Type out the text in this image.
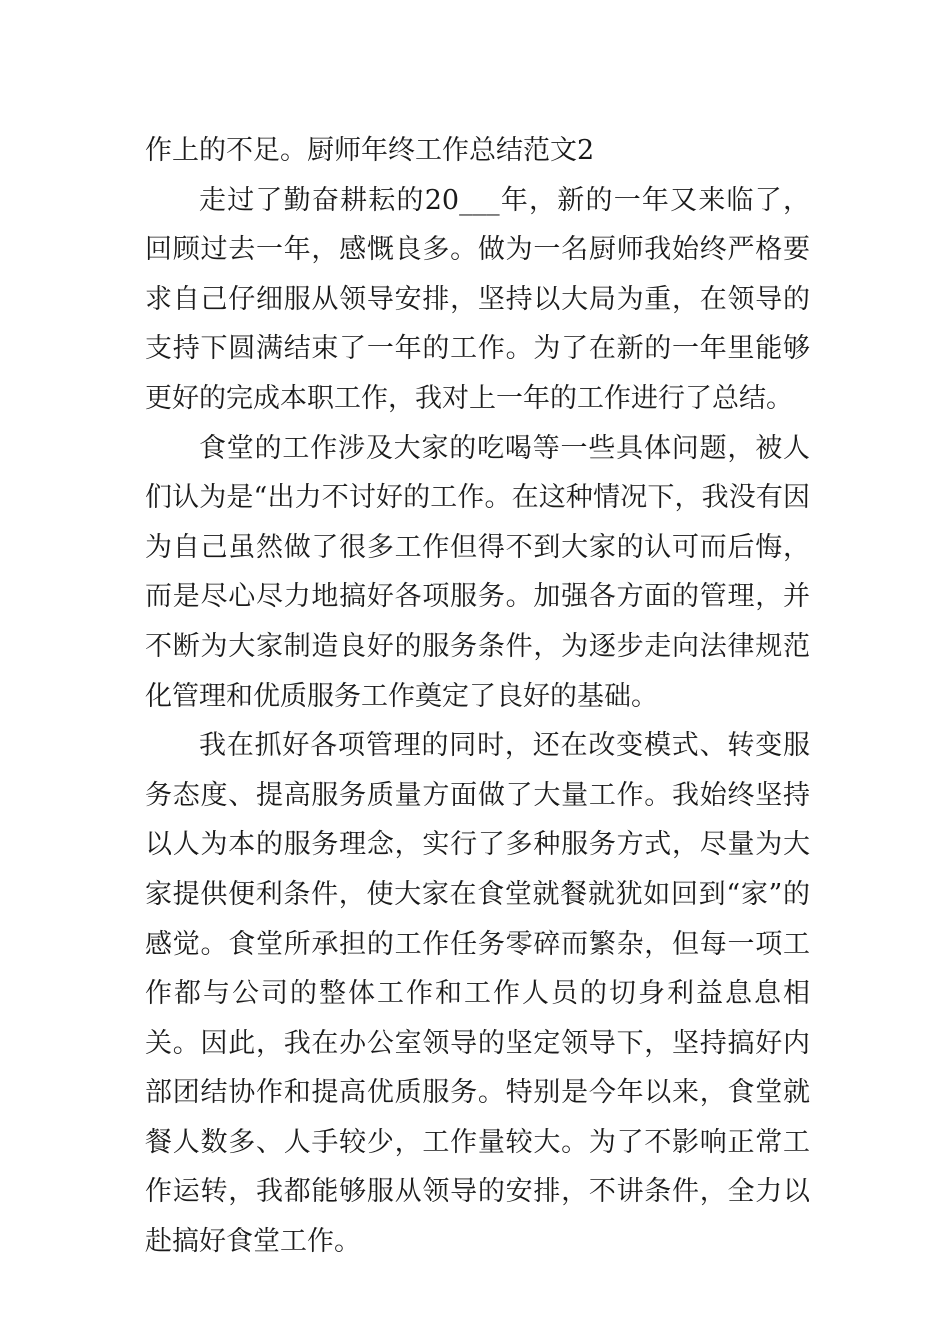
作上的不足。厨师年终工作总结范文2

走过了勤奋耕耘的20___年，新的一年又来临了，回顾过去一年，感慨良多。做为一名厨师我始终严格要求自己仔细服从领导安排，坚持以大局为重，在领导的支持下圆满结束了一年的工作。为了在新的一年里能够更好的完成本职工作，我对上一年的工作进行了总结。

食堂的工作涉及大家的吃喝等一些具体问题，被人们认为是“出力不讨好的工作。在这种情况下，我没有因为自己虽然做了很多工作但得不到大家的认可而后悔，而是尽心尽力地搞好各项服务。加强各方面的管理，并不断为大家制造良好的服务条件，为逐步走向法律规范化管理和优质服务工作奠定了良好的基础。

我在抓好各项管理的同时，还在改变模式、转变服务态度、提高服务质量方面做了大量工作。我始终坚持以人为本的服务理念，实行了多种服务方式，尽量为大家提供便利条件，使大家在食堂就餐就犹如回到“家”的感觉。食堂所承担的工作任务零碎而繁杂，但每一项工作都与公司的整体工作和工作人员的切身利益息息相关。因此，我在办公室领导的坚定领导下，坚持搞好内部团结协作和提高优质服务。特别是今年以来，食堂就餐人数多、人手较少，工作量较大。为了不影响正常工作运转，我都能够服从领导的安排，不讲条件，全力以赴搞好食堂工作。
